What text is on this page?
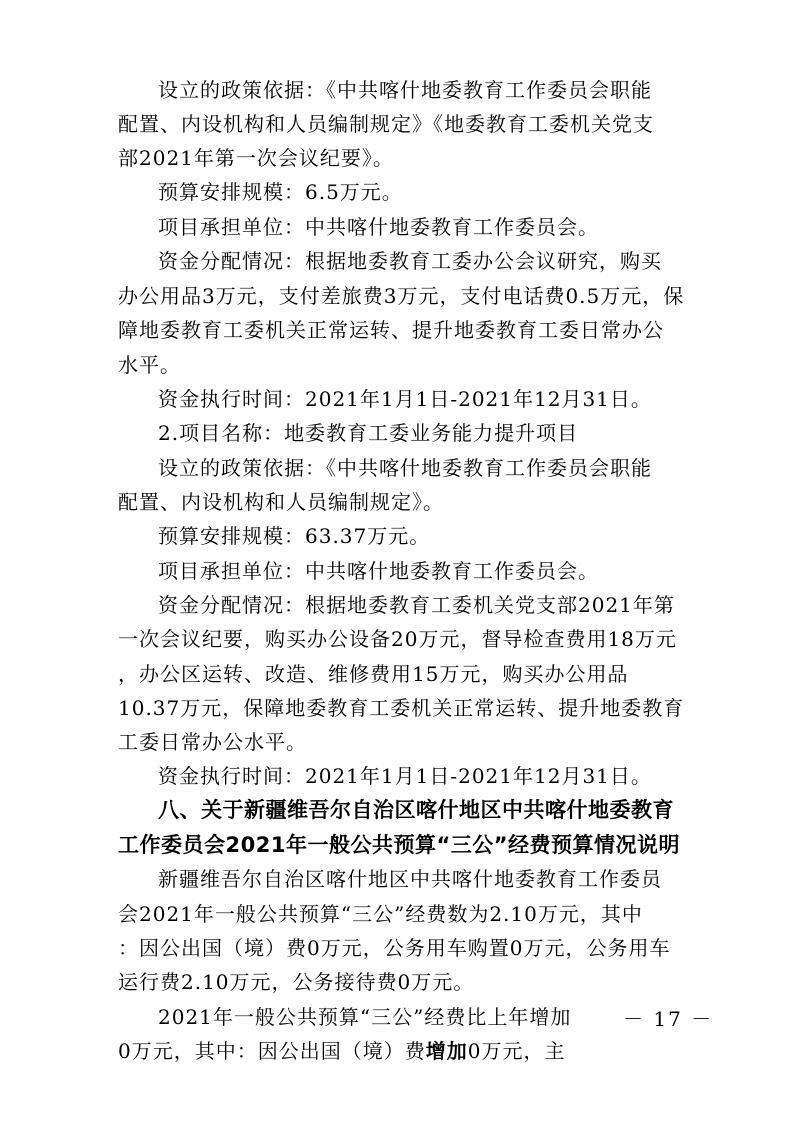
设立的政策依据：《中共喀什地委教育工作委员会职能
配置、内设机构和人员编制规定》《地委教育工委机关党支
部2021年第一次会议纪要》。
预算安排规模：6.5万元。
项目承担单位：中共喀什地委教育工作委员会。
资金分配情况：根据地委教育工委办公会议研究，购买
办公用品3万元，支付差旅费3万元，支付电话费0.5万元，保
障地委教育工委机关正常运转、提升地委教育工委日常办公
水平。
资金执行时间：2021年1月1日-2021年12月31日。
2.项目名称：地委教育工委业务能力提升项目
设立的政策依据：《中共喀什地委教育工作委员会职能
配置、内设机构和人员编制规定》。
预算安排规模：63.37万元。
项目承担单位：中共喀什地委教育工作委员会。
资金分配情况：根据地委教育工委机关党支部2021年第
一次会议纪要，购买办公设备20万元，督导检查费用18万元
，办公区运转、改造、维修费用15万元，购买办公用品
10.37万元，保障地委教育工委机关正常运转、提升地委教育
工委日常办公水平。
资金执行时间：2021年1月1日-2021年12月31日。
八、关于新疆维吾尔自治区喀什地区中共喀什地委教育
工作委员会2021年一般公共预算“三公”经费预算情况说明
新疆维吾尔自治区喀什地区中共喀什地委教育工作委员
会2021年一般公共预算“三公”经费数为2.10万元，其中
：因公出国（境）费0万元，公务用车购置0万元，公务用车
运行费2.10万元，公务接待费0万元。
2021年一般公共预算“三公”经费比上年增加
0万元，其中：因公出国（境）费增加0万元，主
－ 17 －
